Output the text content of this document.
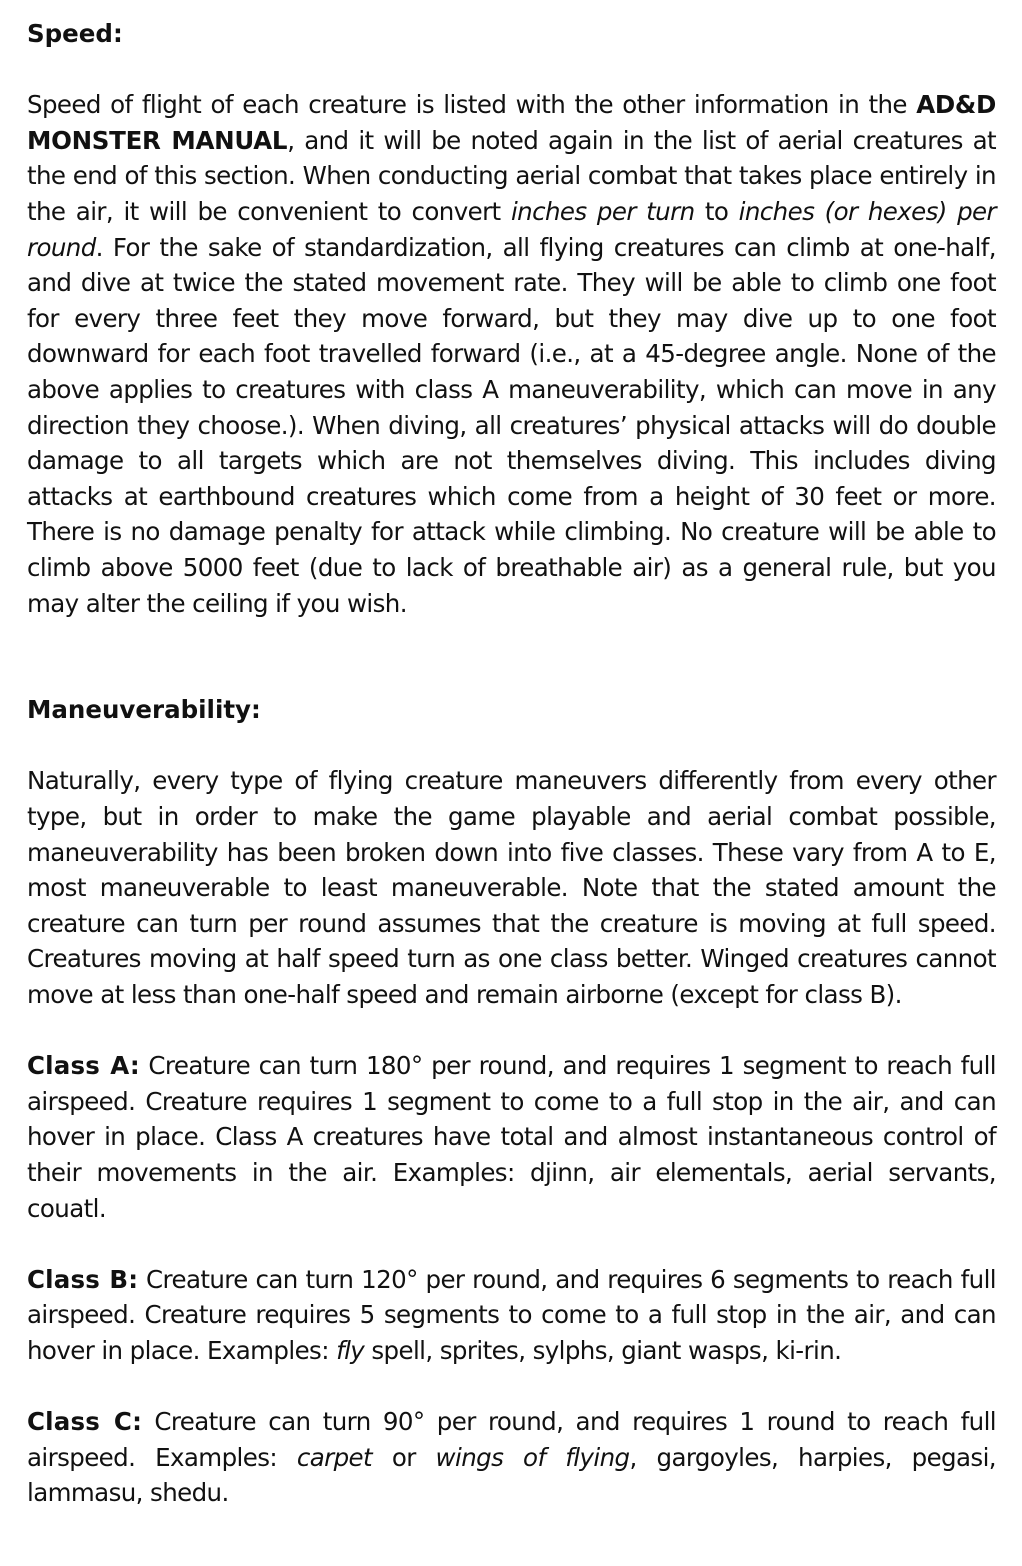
Speed:

Speed of flight of each creature is listed with the other information in the AD&D MONSTER MANUAL, and it will be noted again in the list of aerial creatures at the end of this section. When conducting aerial combat that takes place entirely in the air, it will be convenient to convert inches per turn to inches (or hexes) per round. For the sake of standardization, all flying creatures can climb at one-half, and dive at twice the stated movement rate. They will be able to climb one foot for every three feet they move forward, but they may dive up to one foot downward for each foot travelled forward (i.e., at a 45-degree angle. None of the above applies to creatures with class A maneuverability, which can move in any direction they choose.). When diving, all creatures’ physical attacks will do double damage to all targets which are not themselves diving. This includes diving attacks at earthbound creatures which come from a height of 30 feet or more. There is no damage penalty for attack while climbing. No creature will be able to climb above 5000 feet (due to lack of breathable air) as a general rule, but you may alter the ceiling if you wish.

Maneuverability:

Naturally, every type of flying creature maneuvers differently from every other type, but in order to make the game playable and aerial combat possible, maneuverability has been broken down into five classes. These vary from A to E, most maneuverable to least maneuverable. Note that the stated amount the creature can turn per round assumes that the creature is moving at full speed. Creatures moving at half speed turn as one class better. Winged creatures cannot move at less than one-half speed and remain airborne (except for class B).

Class A: Creature can turn 180° per round, and requires 1 segment to reach full airspeed. Creature requires 1 segment to come to a full stop in the air, and can hover in place. Class A creatures have total and almost instantaneous control of their movements in the air. Examples: djinn, air elementals, aerial servants, couatl.

Class B: Creature can turn 120° per round, and requires 6 segments to reach full airspeed. Creature requires 5 segments to come to a full stop in the air, and can hover in place. Examples: fly spell, sprites, sylphs, giant wasps, ki-rin.

Class C: Creature can turn 90° per round, and requires 1 round to reach full airspeed. Examples: carpet or wings of flying, gargoyles, harpies, pegasi, lammasu, shedu.
